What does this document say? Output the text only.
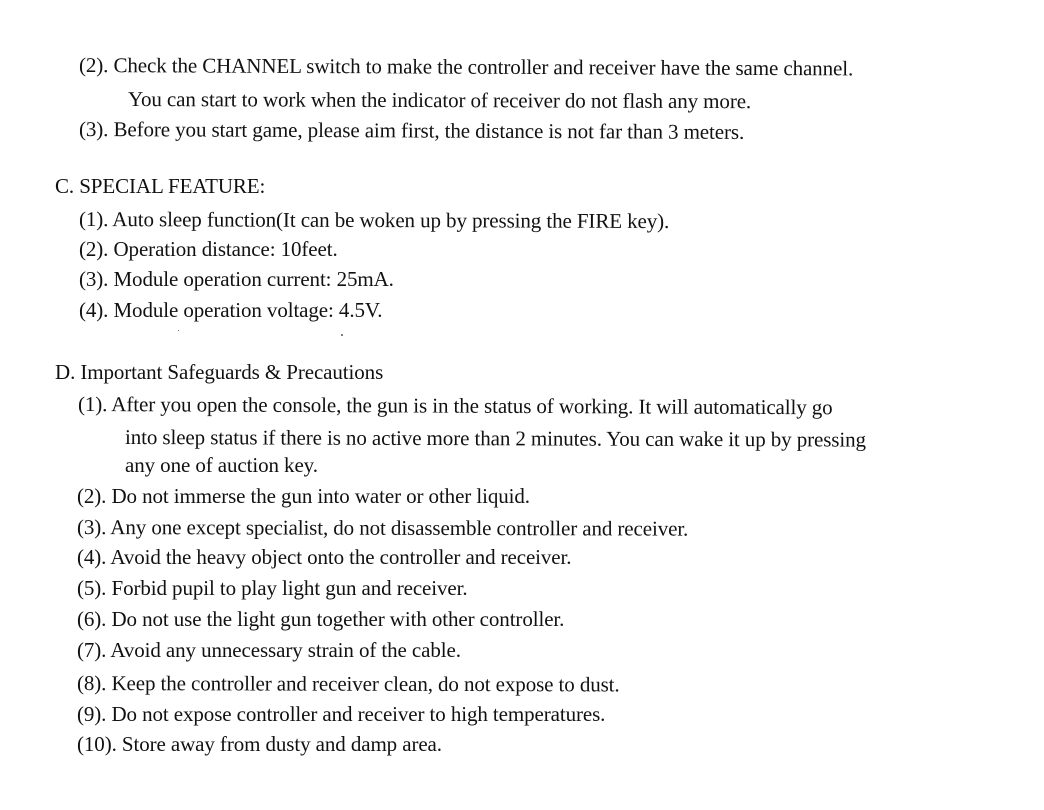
(2). Check the CHANNEL switch to make the controller and receiver have the same channel.
You can start to work when the indicator of receiver do not flash any more.
(3). Before you start game, please aim first, the distance is not far than 3 meters.
C. SPECIAL FEATURE:
(1). Auto sleep function(It can be woken up by pressing the FIRE key).
(2). Operation distance: 10feet.
(3). Module operation current: 25mA.
(4). Module operation voltage: 4.5V.
D. Important Safeguards & Precautions
(1). After you open the console, the gun is in the status of working. It will automatically go
into sleep status if there is no active more than 2 minutes. You can wake it up by pressing
any one of auction key.
(2). Do not immerse the gun into water or other liquid.
(3). Any one except specialist, do not disassemble controller and receiver.
(4). Avoid the heavy object onto the controller and receiver.
(5). Forbid pupil to play light gun and receiver.
(6). Do not use the light gun together with other controller.
(7). Avoid any unnecessary strain of the cable.
(8). Keep the controller and receiver clean, do not expose to dust.
(9). Do not expose controller and receiver to high temperatures.
(10). Store away from dusty and damp area.
